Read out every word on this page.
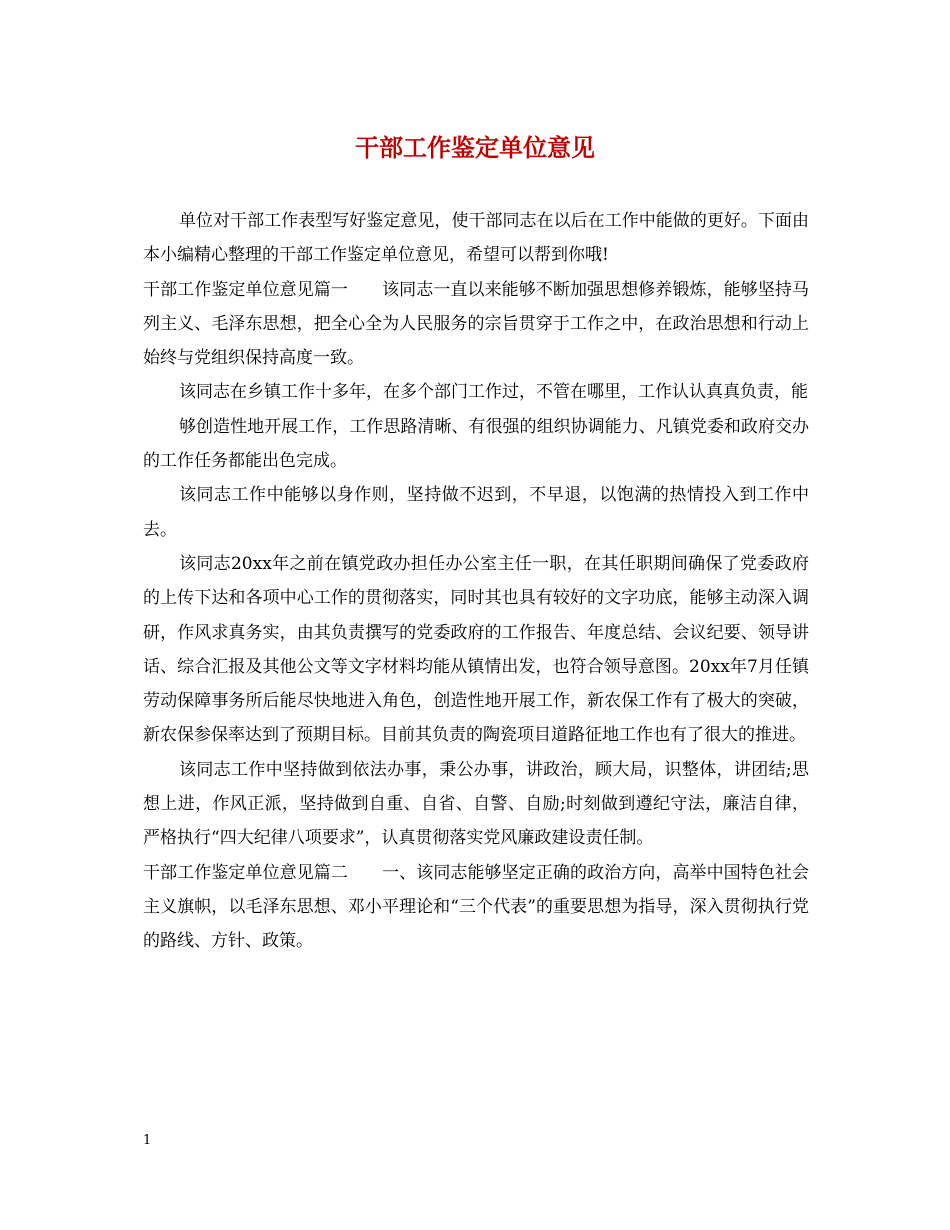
干部工作鉴定单位意见

单位对干部工作表型写好鉴定意见，使干部同志在以后在工作中能做的更好。下面由本小编精心整理的干部工作鉴定单位意见，希望可以帮到你哦!

干部工作鉴定单位意见篇一　　该同志一直以来能够不断加强思想修养锻炼，能够坚持马列主义、毛泽东思想，把全心全为人民服务的宗旨贯穿于工作之中，在政治思想和行动上始终与党组织保持高度一致。

该同志在乡镇工作十多年，在多个部门工作过，不管在哪里，工作认认真真负责，能

够创造性地开展工作，工作思路清晰、有很强的组织协调能力、凡镇党委和政府交办的工作任务都能出色完成。

该同志工作中能够以身作则，坚持做不迟到，不早退，以饱满的热情投入到工作中去。

该同志20xx年之前在镇党政办担任办公室主任一职，在其任职期间确保了党委政府的上传下达和各项中心工作的贯彻落实，同时其也具有较好的文字功底，能够主动深入调研，作风求真务实，由其负责撰写的党委政府的工作报告、年度总结、会议纪要、领导讲话、综合汇报及其他公文等文字材料均能从镇情出发，也符合领导意图。20xx年7月任镇劳动保障事务所后能尽快地进入角色，创造性地开展工作，新农保工作有了极大的突破，新农保参保率达到了预期目标。目前其负责的陶瓷项目道路征地工作也有了很大的推进。

该同志工作中坚持做到依法办事，秉公办事，讲政治，顾大局，识整体，讲团结;思想上进，作风正派，坚持做到自重、自省、自警、自励;时刻做到遵纪守法，廉洁自律，严格执行“四大纪律八项要求”，认真贯彻落实党风廉政建设责任制。

干部工作鉴定单位意见篇二　　一、该同志能够坚定正确的政治方向，高举中国特色社会主义旗帜，以毛泽东思想、邓小平理论和“三个代表”的重要思想为指导，深入贯彻执行党的路线、方针、政策。

1
